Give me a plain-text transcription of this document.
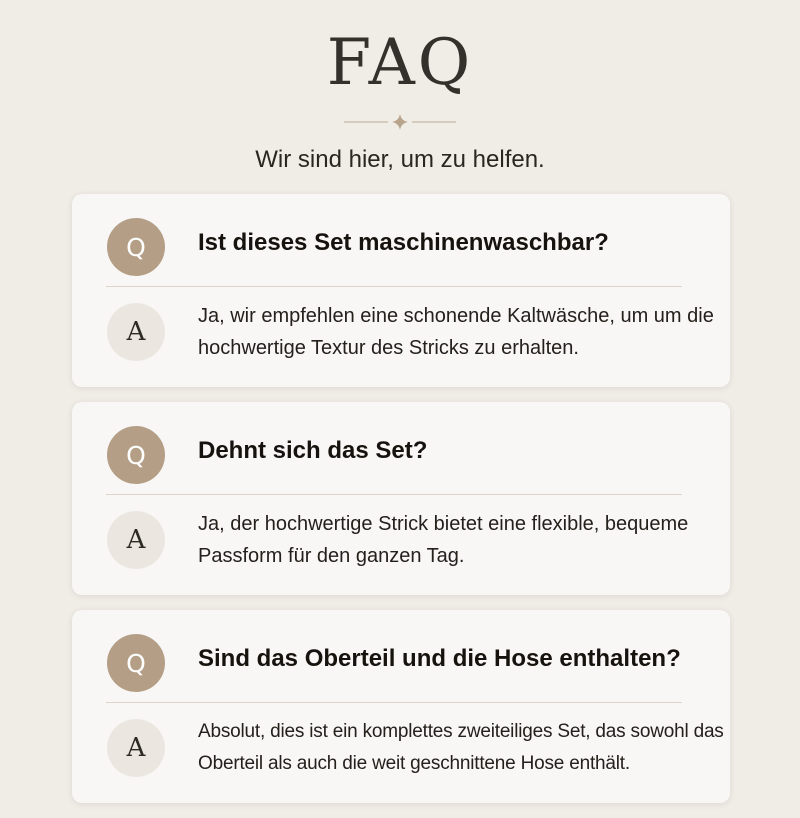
FAQ
Wir sind hier, um zu helfen.
Q	Ist dieses Set maschinenwaschbar?
A
Ja, wir empfehlen eine schonende Kaltwäsche, um um die hochwertige Textur des Stricks zu erhalten.
Q	Dehnt sich das Set?
A
Ja, der hochwertige Strick bietet eine flexible, bequeme Passform für den ganzen Tag.
Q	Sind das Oberteil und die Hose enthalten?
A
Absolut, dies ist ein komplettes zweiteiliges Set, das sowohl das Oberteil als auch die weit geschnittene Hose enthält.
